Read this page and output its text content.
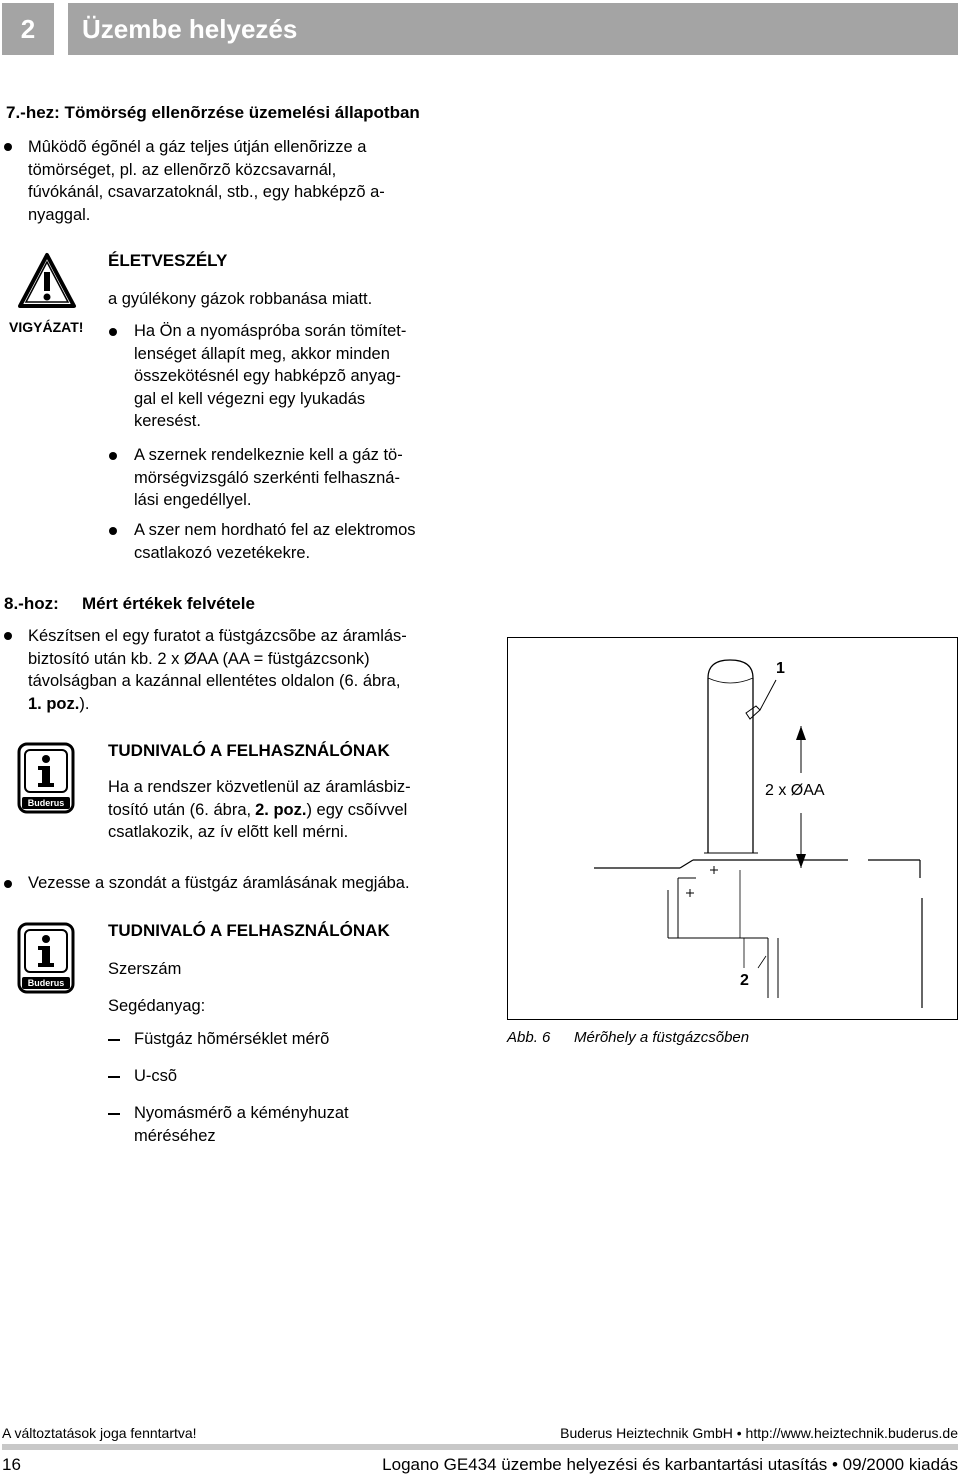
2	Üzembe helyezés
7.-hez: Tömörség ellenõrzése üzemelési állapotban
Mûködõ égõnél a gáz teljes útján ellenõrizze a
tömörséget, pl. az ellenõrzõ közcsavarnál,
fúvókánál, csavarzatoknál, stb., egy habképzõ a-
nyaggal.
VIGYÁZAT!
ÉLETVESZÉLY
a gyúlékony gázok robbanása miatt.
Ha Ön a nyomáspróba során tömítet-
lenséget állapít meg, akkor minden
összekötésnél egy habképzõ anyag-
gal el kell végezni egy lyukadás
keresést.
A szernek rendelkeznie kell a gáz tö-
mörségvizsgáló szerkénti felhaszná-
lási engedéllyel.
A szer nem hordható fel az elektromos
csatlakozó vezetékekre.
8.-hoz: Mért értékek felvétele
Készítsen el egy furatot a füstgázcsõbe az áramlás-
biztosító után kb. 2 x ØAA (AA = füstgázcsonk)
távolságban a kazánnal ellentétes oldalon (6. ábra,
1. poz.).
Buderus
TUDNIVALÓ A FELHASZNÁLÓNAK
Ha a rendszer közvetlenül az áramlásbiz-
tosító után (6. ábra, 2. poz.) egy csõívvel
csatlakozik, az ív elõtt kell mérni.
Vezesse a szondát a füstgáz áramlásának megjába.
Buderus
TUDNIVALÓ A FELHASZNÁLÓNAK
Szerszám
Segédanyag:
Füstgáz hõmérséklet mérõ
U-csõ
Nyomásmérõ a kéményhuzat
méréséhez
1
2 x ØAA
2
Abb. 6 Mérõhely a füstgázcsõben
A változtatások joga fenntartva!	Buderus Heiztechnik GmbH • http://www.heiztechnik.buderus.de
16	Logano GE434 üzembe helyezési és karbantartási utasítás • 09/2000 kiadás
